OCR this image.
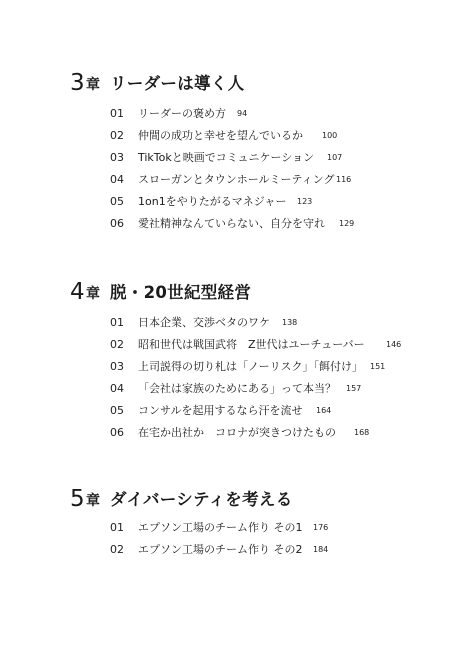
3 章 リーダーは導く人
01 リーダーの褒め方 94
02 仲間の成功と幸せを望んでいるか 100
03 TikTokと映画でコミュニケーション 107
04 スローガンとタウンホールミーティング 116
05 1on1をやりたがるマネジャー 123
06 愛社精神なんていらない、自分を守れ 129
4 章 脱・20世紀型経営
01 日本企業、交渉ベタのワケ 138
02 昭和世代は戦国武将　Z世代はユーチューバー	146
03 上司説得の切り札は「ノーリスク」「餌付け」 151
04 「会社は家族のためにある」って本当？ 157
05 コンサルを起用するなら汗を流せ 164
06 在宅か出社か　コロナが突きつけたもの 168
5 章 ダイバーシティを考える
01 エプソン工場のチーム作り その1 176
02 エプソン工場のチーム作り その2 184
